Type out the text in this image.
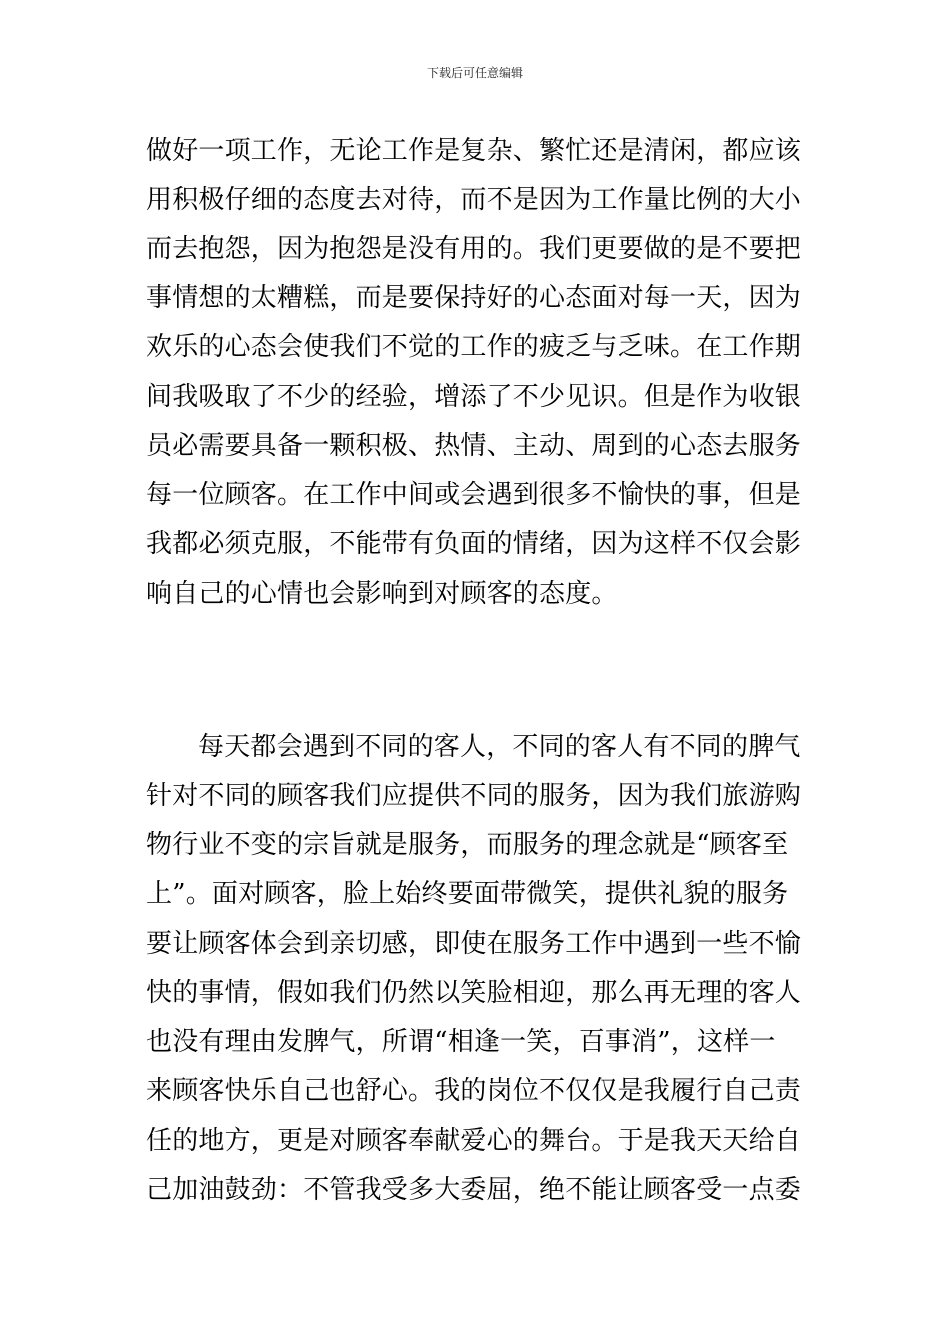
下载后可任意编辑
做好一项工作，无论工作是复杂、繁忙还是清闲，都应该
用积极仔细的态度去对待，而不是因为工作量比例的大小
而去抱怨，因为抱怨是没有用的。我们更要做的是不要把
事情想的太糟糕，而是要保持好的心态面对每一天，因为
欢乐的心态会使我们不觉的工作的疲乏与乏味。在工作期
间我吸取了不少的经验，增添了不少见识。但是作为收银
员必需要具备一颗积极、热情、主动、周到的心态去服务
每一位顾客。在工作中间或会遇到很多不愉快的事，但是
我都必须克服，不能带有负面的情绪，因为这样不仅会影
响自己的心情也会影响到对顾客的态度。
每天都会遇到不同的客人，不同的客人有不同的脾气
针对不同的顾客我们应提供不同的服务，因为我们旅游购
物行业不变的宗旨就是服务，而服务的理念就是“顾客至
上”。面对顾客，脸上始终要面带微笑，提供礼貌的服务
要让顾客体会到亲切感，即使在服务工作中遇到一些不愉
快的事情，假如我们仍然以笑脸相迎，那么再无理的客人
也没有理由发脾气，所谓“相逢一笑，百事消”，这样一
来顾客快乐自己也舒心。我的岗位不仅仅是我履行自己责
任的地方，更是对顾客奉献爱心的舞台。于是我天天给自
己加油鼓劲：不管我受多大委屈，绝不能让顾客受一点委
